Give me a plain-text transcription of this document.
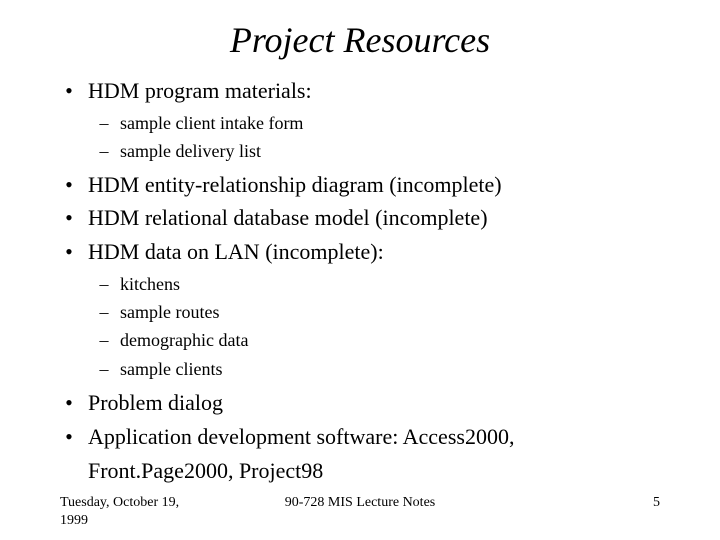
Project Resources
• HDM program materials:
– sample client intake form
– sample delivery list
• HDM entity-relationship diagram (incomplete)
• HDM relational database model (incomplete)
• HDM data on LAN (incomplete):
– kitchens
– sample routes
– demographic data
– sample clients
• Problem dialog
• Application development software: Access2000, Front.Page2000, Project98
Tuesday, October 19, 1999
90-728 MIS Lecture Notes	5
